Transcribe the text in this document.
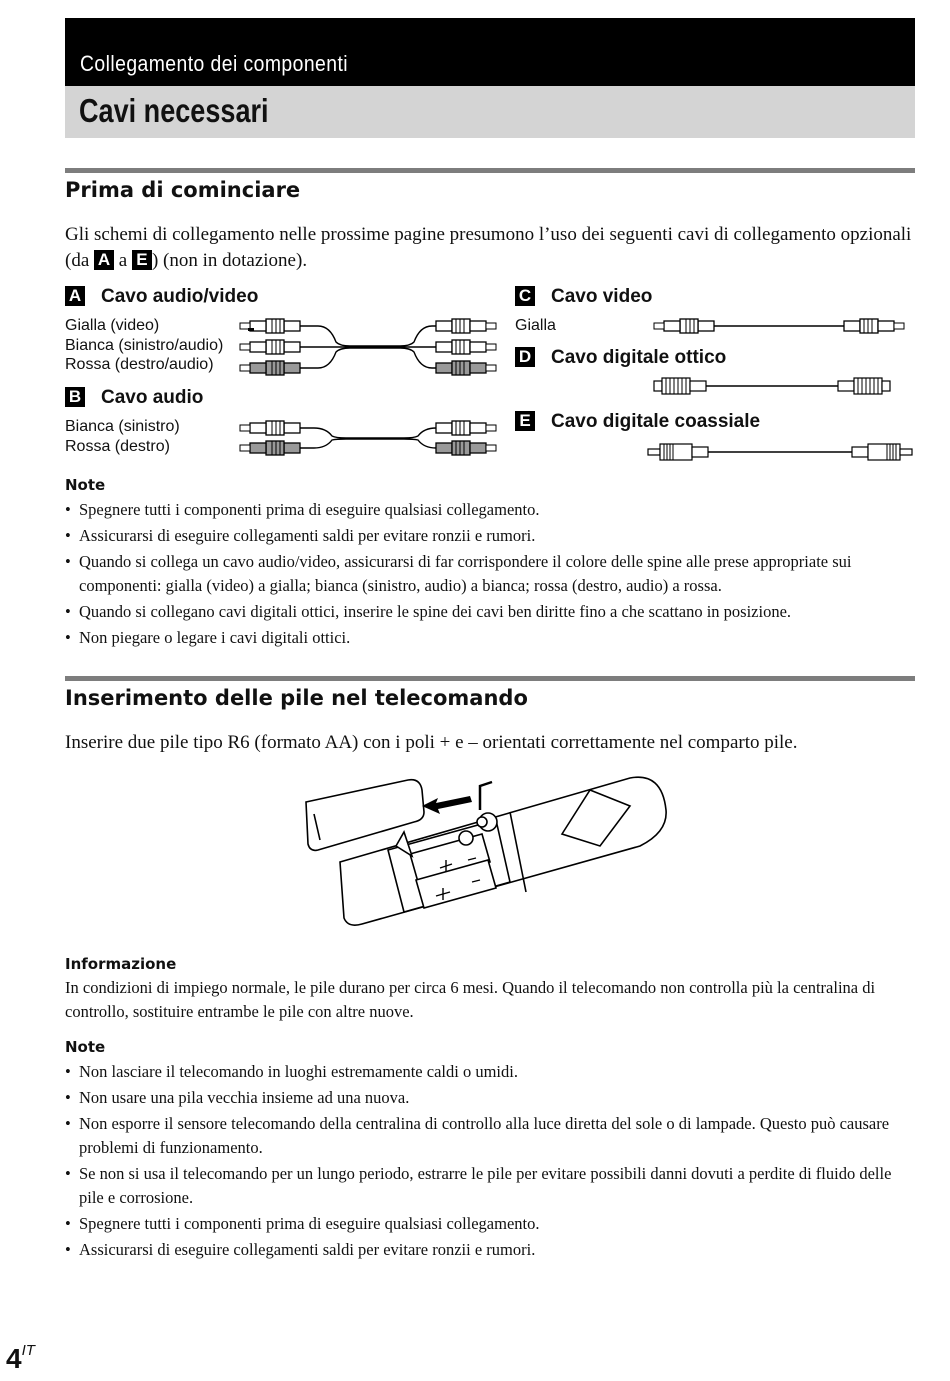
Collegamento dei componenti
Cavi necessari
Prima di cominciare
Gli schemi di collegamento nelle prossime pagine presumono l’uso dei seguenti cavi di collegamento opzionali (da A a E ) (non in dotazione).
A Cavo audio/video
Gialla (video)
Bianca (sinistro/audio)
Rossa (destro/audio)
B Cavo audio
Bianca (sinistro)
Rossa (destro)
C Cavo video
Gialla
D Cavo digitale ottico
E Cavo digitale coassiale
Note
• Spegnere tutti i componenti prima di eseguire qualsiasi collegamento.
• Assicurarsi di eseguire collegamenti saldi per evitare ronzii e rumori.
• Quando si collega un cavo audio/video, assicurarsi di far corrispondere il colore delle spine alle prese appropriate sui componenti: gialla (video) a gialla; bianca (sinistro, audio) a bianca; rossa (destro, audio) a rossa.
• Quando si collegano cavi digitali ottici, inserire le spine dei cavi ben diritte fino a che scattano in posizione.
• Non piegare o legare i cavi digitali ottici.
Inserimento delle pile nel telecomando
Inserire due pile tipo R6 (formato AA) con i poli + e – orientati correttamente nel comparto pile.
Informazione
In condizioni di impiego normale, le pile durano per circa 6 mesi. Quando il telecomando non controlla più la centralina di controllo, sostituire entrambe le pile con altre nuove.
Note
• Non lasciare il telecomando in luoghi estremamente caldi o umidi.
• Non usare una pila vecchia insieme ad una nuova.
• Non esporre il sensore telecomando della centralina di controllo alla luce diretta del sole o di lampade. Questo può causare problemi di funzionamento.
• Se non si usa il telecomando per un lungo periodo, estrarre le pile per evitare possibili danni dovuti a perdite di fluido delle pile e corrosione.
• Spegnere tutti i componenti prima di eseguire qualsiasi collegamento.
• Assicurarsi di eseguire collegamenti saldi per evitare ronzii e rumori.
$4^{IT}$
